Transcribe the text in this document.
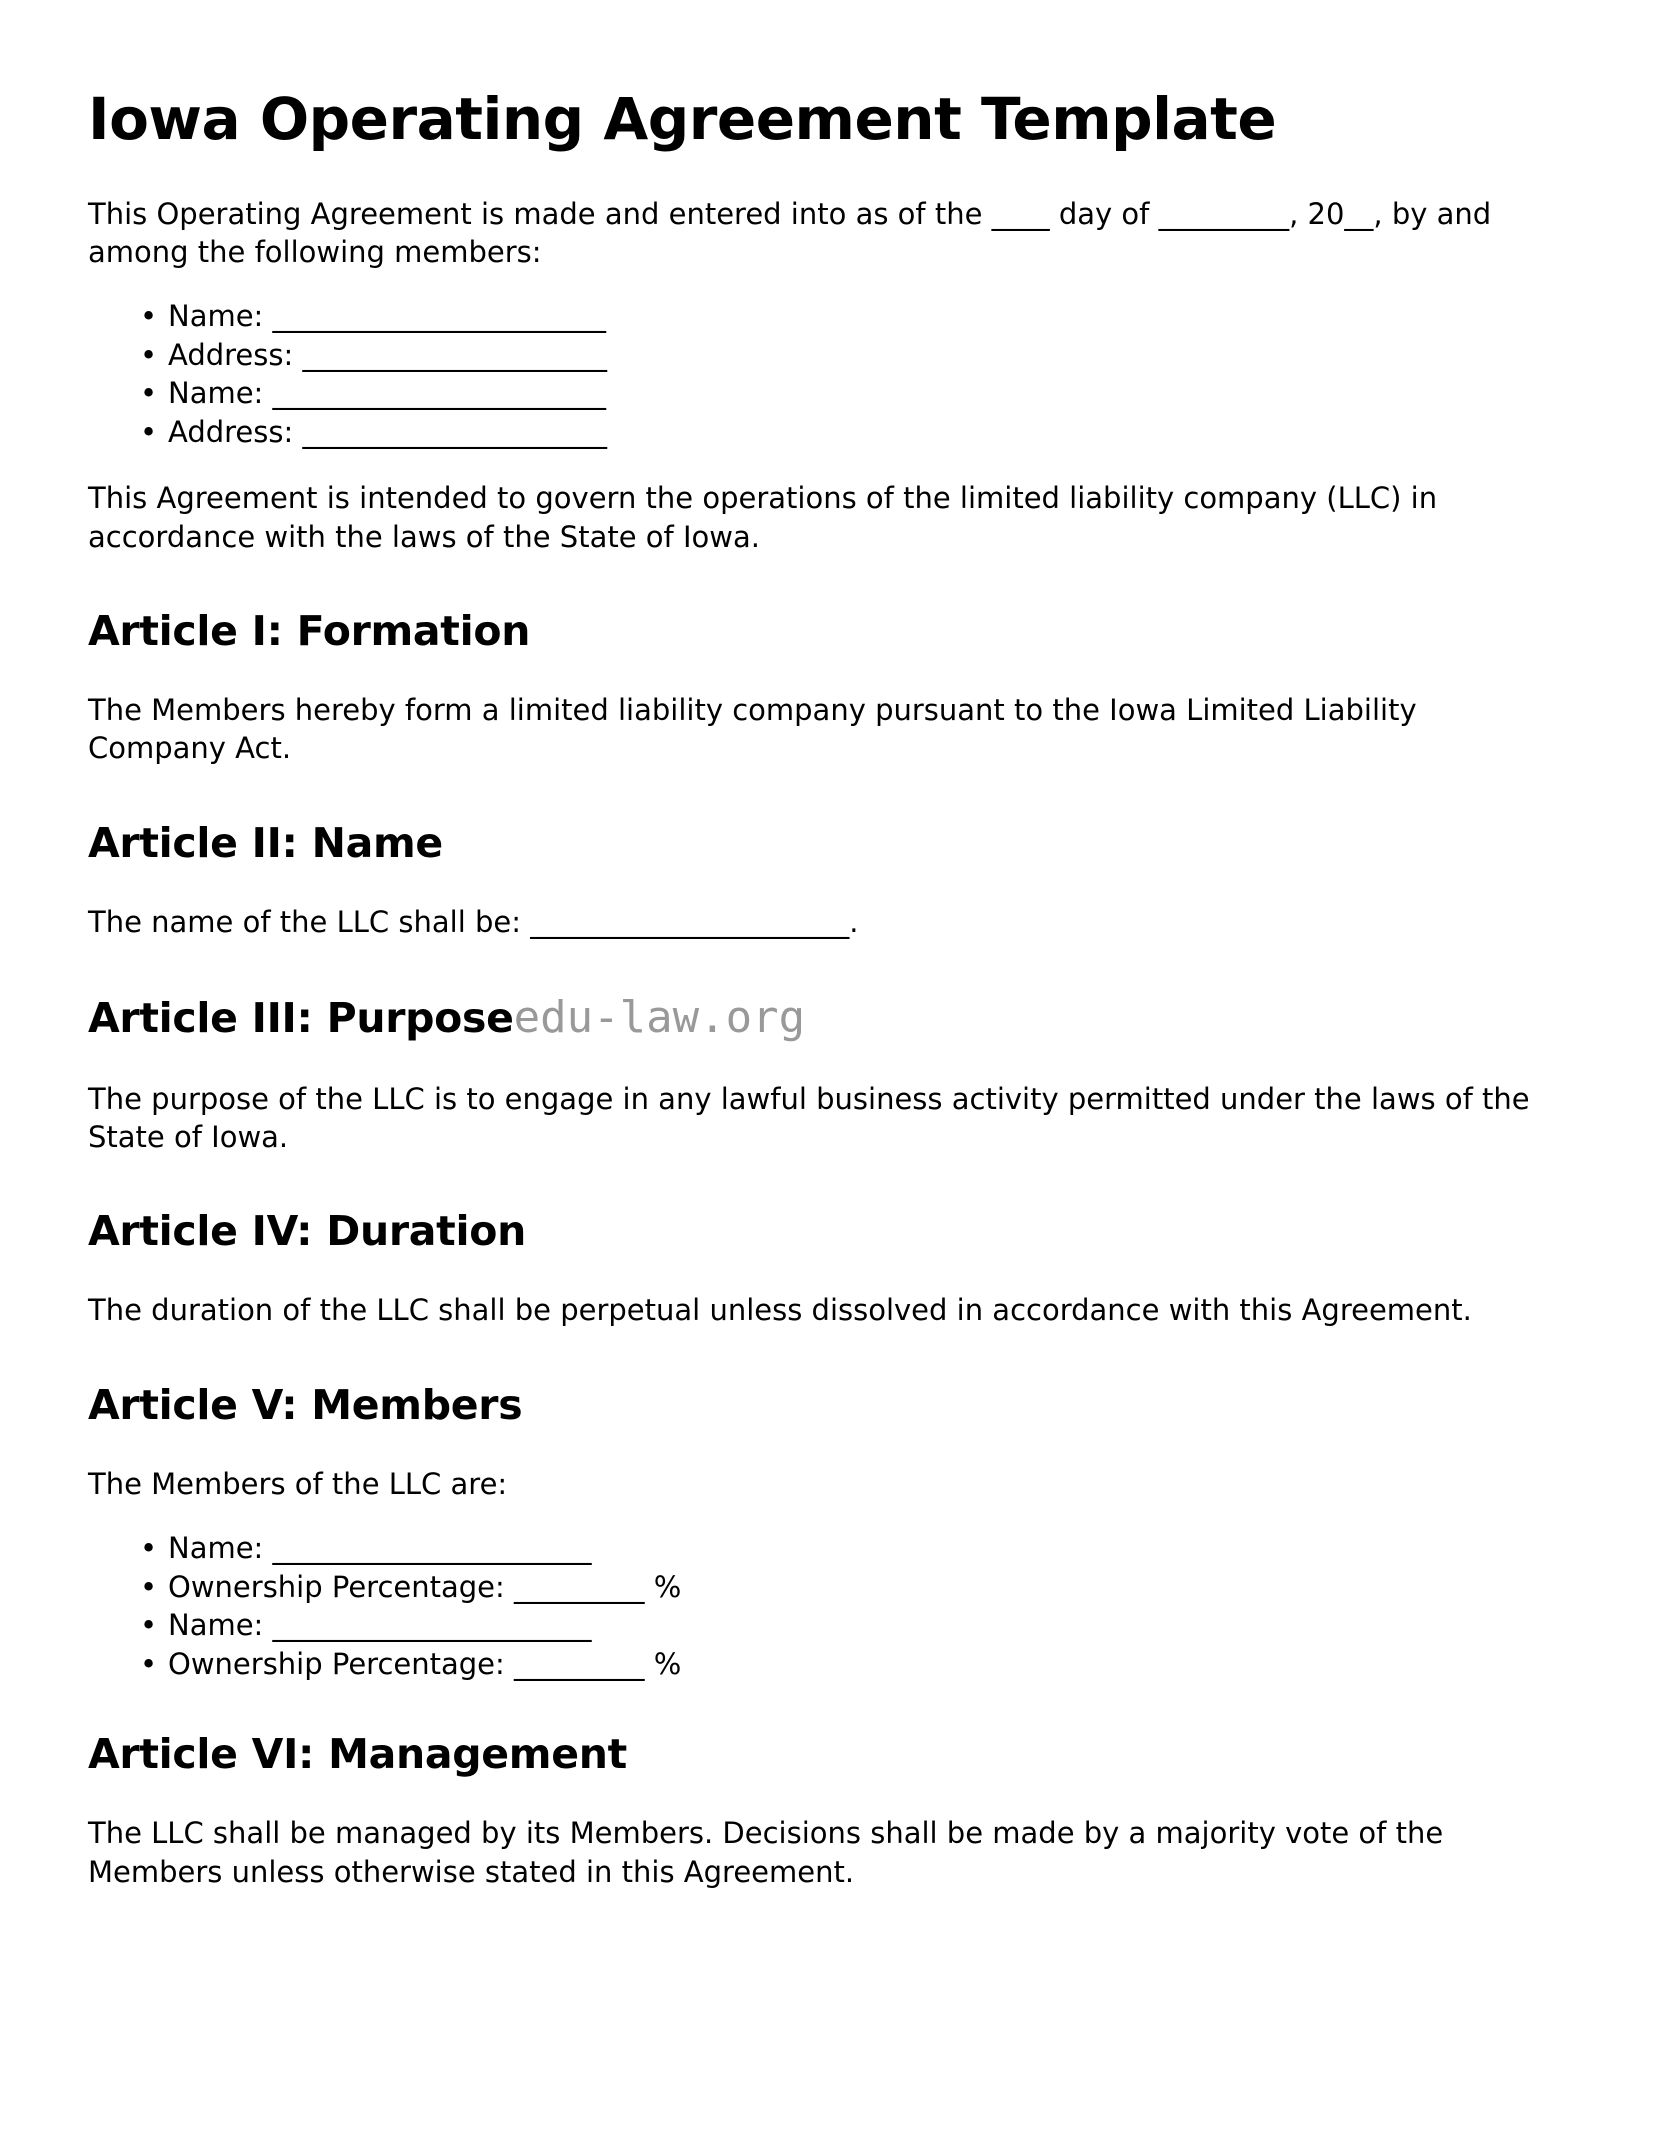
Iowa Operating Agreement Template

This Operating Agreement is made and entered into as of the ____ day of _________, 20__, by and among the following members:

• Name: _______________________
• Address: _____________________
• Name: _______________________
• Address: _____________________

This Agreement is intended to govern the operations of the limited liability company (LLC) in accordance with the laws of the State of Iowa.

Article I: Formation

The Members hereby form a limited liability company pursuant to the Iowa Limited Liability Company Act.

Article II: Name

The name of the LLC shall be: ______________________.

Article III: Purposeedu-law.org

The purpose of the LLC is to engage in any lawful business activity permitted under the laws of the State of Iowa.

Article IV: Duration

The duration of the LLC shall be perpetual unless dissolved in accordance with this Agreement.

Article V: Members

The Members of the LLC are:

• Name: ______________________
• Ownership Percentage: _________ %
• Name: ______________________
• Ownership Percentage: _________ %
Article VI: Management

The LLC shall be managed by its Members. Decisions shall be made by a majority vote of the Members unless otherwise stated in this Agreement.
